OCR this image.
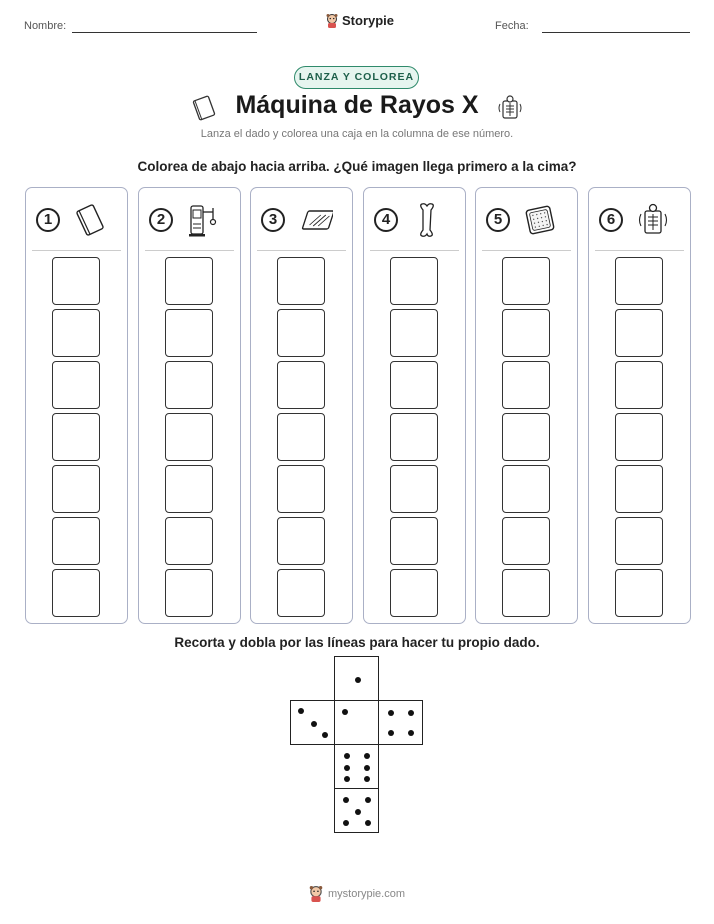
Nombre:	Storypie	Fecha:
LANZA Y COLOREA
Máquina de Rayos X
Lanza el dado y colorea una caja en la columna de ese número.
Colorea de abajo hacia arriba. ¿Qué imagen llega primero a la cima?
1	2	3	4	5	6
Recorta y dobla por las líneas para hacer tu propio dado.
mystorypie.com
